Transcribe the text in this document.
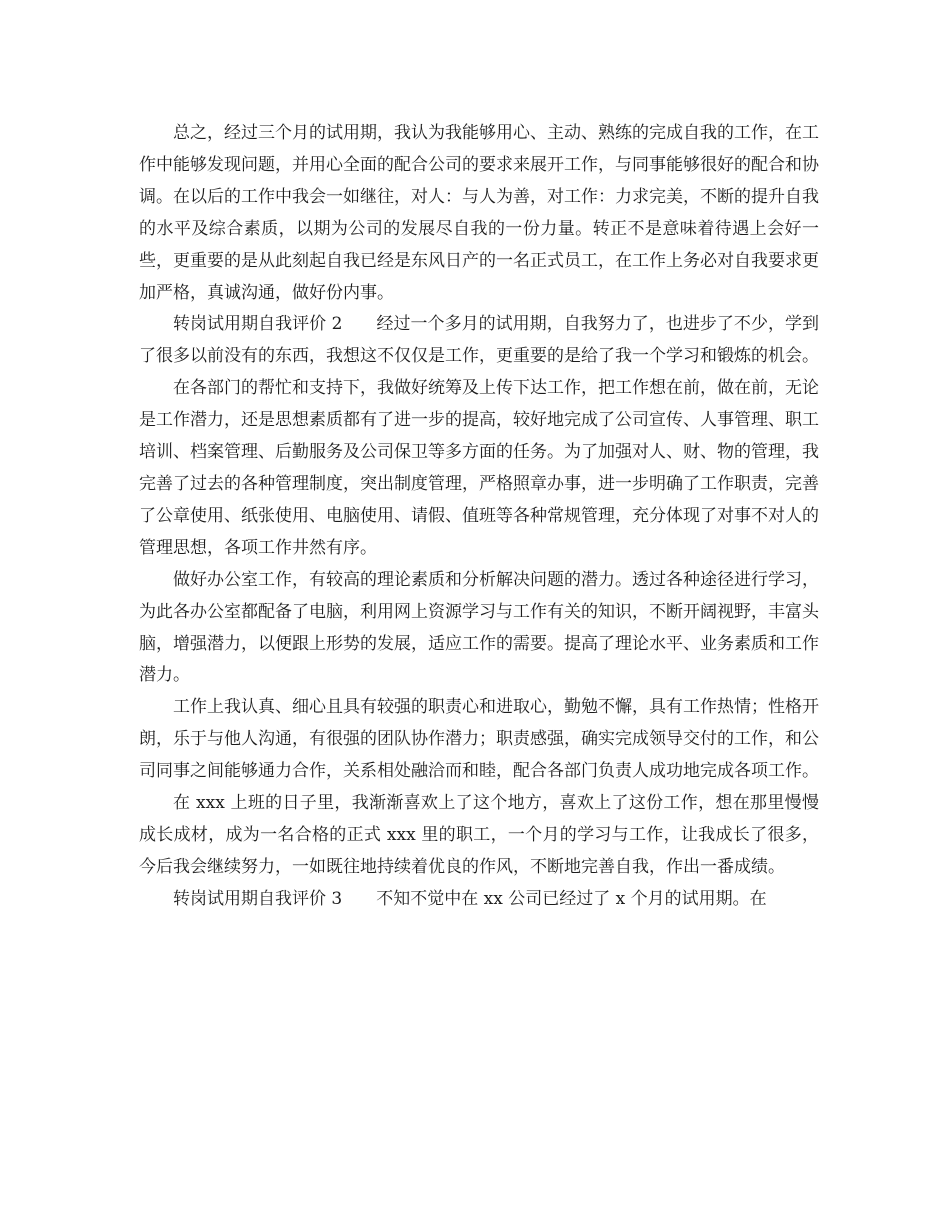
总之，经过三个月的试用期，我认为我能够用心、主动、熟练的完成自我的工作，在工作中能够发现问题，并用心全面的配合公司的要求来展开工作，与同事能够很好的配合和协调。在以后的工作中我会一如继往，对人：与人为善，对工作：力求完美，不断的提升自我的水平及综合素质，以期为公司的发展尽自我的一份力量。转正不是意味着待遇上会好一些，更重要的是从此刻起自我已经是东风日产的一名正式员工，在工作上务必对自我要求更加严格，真诚沟通，做好份内事。

转岗试用期自我评价 2　　经过一个多月的试用期，自我努力了，也进步了不少，学到了很多以前没有的东西，我想这不仅仅是工作，更重要的是给了我一个学习和锻炼的机会。

在各部门的帮忙和支持下，我做好统筹及上传下达工作，把工作想在前，做在前，无论是工作潜力，还是思想素质都有了进一步的提高，较好地完成了公司宣传、人事管理、职工培训、档案管理、后勤服务及公司保卫等多方面的任务。为了加强对人、财、物的管理，我完善了过去的各种管理制度，突出制度管理，严格照章办事，进一步明确了工作职责，完善了公章使用、纸张使用、电脑使用、请假、值班等各种常规管理，充分体现了对事不对人的管理思想，各项工作井然有序。

做好办公室工作，有较高的理论素质和分析解决问题的潜力。透过各种途径进行学习，为此各办公室都配备了电脑，利用网上资源学习与工作有关的知识，不断开阔视野，丰富头脑，增强潜力，以便跟上形势的发展，适应工作的需要。提高了理论水平、业务素质和工作潜力。

工作上我认真、细心且具有较强的职责心和进取心，勤勉不懈，具有工作热情；性格开朗，乐于与他人沟通，有很强的团队协作潜力；职责感强，确实完成领导交付的工作，和公司同事之间能够通力合作，关系相处融洽而和睦，配合各部门负责人成功地完成各项工作。

在 xxx 上班的日子里，我渐渐喜欢上了这个地方，喜欢上了这份工作，想在那里慢慢成长成材，成为一名合格的正式 xxx 里的职工，一个月的学习与工作，让我成长了很多，今后我会继续努力，一如既往地持续着优良的作风，不断地完善自我，作出一番成绩。

转岗试用期自我评价 3　　不知不觉中在 xx 公司已经过了 x 个月的试用期。在
